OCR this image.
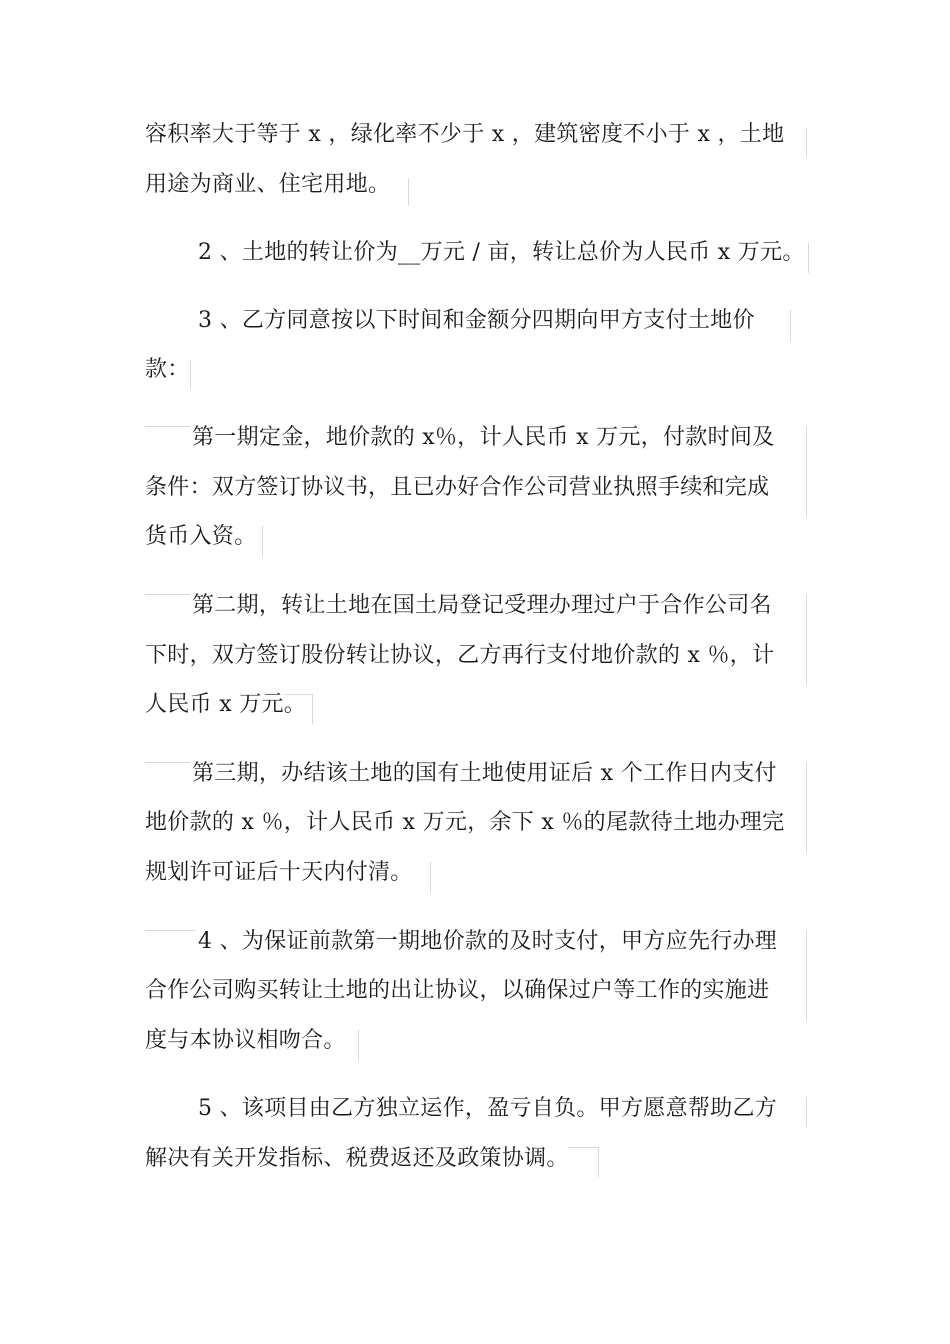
容积率大于等于 x ，绿化率不少于 x ，建筑密度不小于 x ，土地
用途为商业、住宅用地。
2 、土地的转让价为__万元 / 亩，转让总价为人民币 x 万元。
3 、乙方同意按以下时间和金额分四期向甲方支付土地价
款：
第一期定金，地价款的 x％，计人民币 x 万元，付款时间及
条件：双方签订协议书，且已办好合作公司营业执照手续和完成
货币入资。
第二期，转让土地在国土局登记受理办理过户于合作公司名
下时，双方签订股份转让协议，乙方再行支付地价款的 x ％，计
人民币 x 万元。
第三期，办结该土地的国有土地使用证后 x 个工作日内支付
地价款的 x ％，计人民币 x 万元，余下 x ％的尾款待土地办理完
规划许可证后十天内付清。
4 、为保证前款第一期地价款的及时支付，甲方应先行办理
合作公司购买转让土地的出让协议，以确保过户等工作的实施进
度与本协议相吻合。
5 、该项目由乙方独立运作，盈亏自负。甲方愿意帮助乙方
解决有关开发指标、税费返还及政策协调。
